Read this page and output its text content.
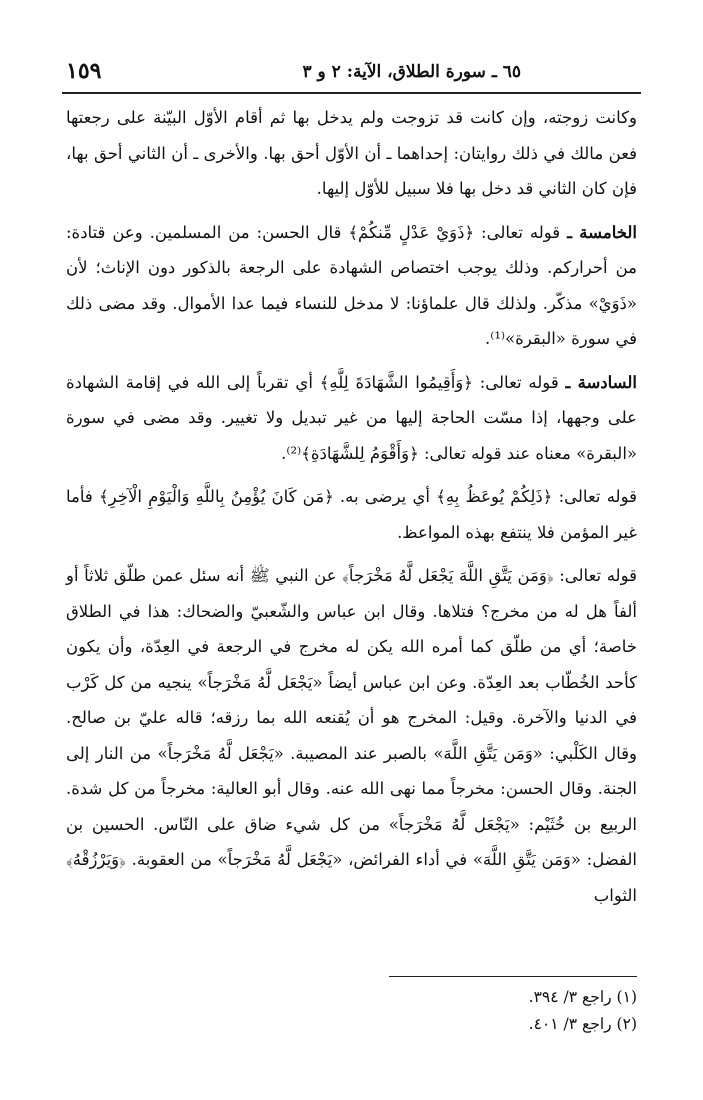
١٥٩	٦٥ ـ سورة الطلاق، الآية: ٢ و ٣

وكانت زوجته، وإن كانت قد تزوجت ولم يدخل بها ثم أقام الأوّل البيّنة على رجعتها فعن مالك في ذلك روايتان: إحداهما ـ أن الأوّل أحق بها. والأخرى ـ أن الثاني أحق بها، فإن كان الثاني قد دخل بها فلا سبيل للأوّل إليها.

الخامسة ـ قوله تعالى: ﴿ذَوَيْ عَدْلٍ مِّنكُمْ﴾ قال الحسن: من المسلمين. وعن قتادة: من أحراركم. وذلك يوجب اختصاص الشهادة على الرجعة بالذكور دون الإناث؛ لأن «ذَوَيْ» مذكّر. ولذلك قال علماؤنا: لا مدخل للنساء فيما عدا الأموال. وقد مضى ذلك في سورة «البقرة»⁽¹⁾.

السادسة ـ قوله تعالى: ﴿وَأَقِيمُوا الشَّهَادَةَ لِلَّهِ﴾ أي تقرباً إلى الله في إقامة الشهادة على وجهها، إذا مسّت الحاجة إليها من غير تبديل ولا تغيير. وقد مضى في سورة «البقرة» معناه عند قوله تعالى: ﴿وَأَقْوَمُ لِلشَّهَادَةِ﴾⁽²⁾.

قوله تعالى: ﴿ذَلِكُمْ يُوعَظُ بِهِ﴾ أي يرضى به. ﴿مَن كَانَ يُؤْمِنُ بِاللَّهِ وَالْيَوْمِ الْآخِرِ﴾ فأما غير المؤمن فلا ينتفع بهذه المواعظ.

قوله تعالى: ﴿وَمَن يَتَّقِ اللَّهَ يَجْعَل لَّهُ مَخْرَجاً﴾ عن النبي ﷺ أنه سئل عمن طلّق ثلاثاً أو ألفاً هل له من مخرج؟ فتلاها. وقال ابن عباس والشّعبيّ والضحاك: هذا في الطلاق خاصة؛ أي من طلّق كما أمره الله يكن له مخرج في الرجعة في العِدّة، وأن يكون كأحد الخُطّاب بعد العِدّة. وعن ابن عباس أيضاً «يَجْعَل لَّهُ مَخْرَجاً» ينجيه من كل كَرْب في الدنيا والآخرة. وقيل: المخرج هو أن يُقنعه الله بما رزقه؛ قاله عليّ بن صالح. وقال الكَلْبي: «وَمَن يَتَّقِ اللَّهَ» بالصبر عند المصيبة. «يَجْعَل لَّهُ مَخْرَجاً» من النار إلى الجنة. وقال الحسن: مخرجاً مما نهى الله عنه. وقال أبو العالية: مخرجاً من كل شدة. الربيع بن خُثَيْم: «يَجْعَل لَّهُ مَخْرَجاً» من كل شيء ضاق على النّاس. الحسين بن الفضل: «وَمَن يَتَّقِ اللَّهَ» في أداء الفرائض، «يَجْعَل لَّهُ مَخْرَجاً» من العقوبة. ﴿وَيَرْزُقْهُ﴾ الثواب

(١) راجع ٣/ ٣٩٤.
(٢) راجع ٣/ ٤٠١.
